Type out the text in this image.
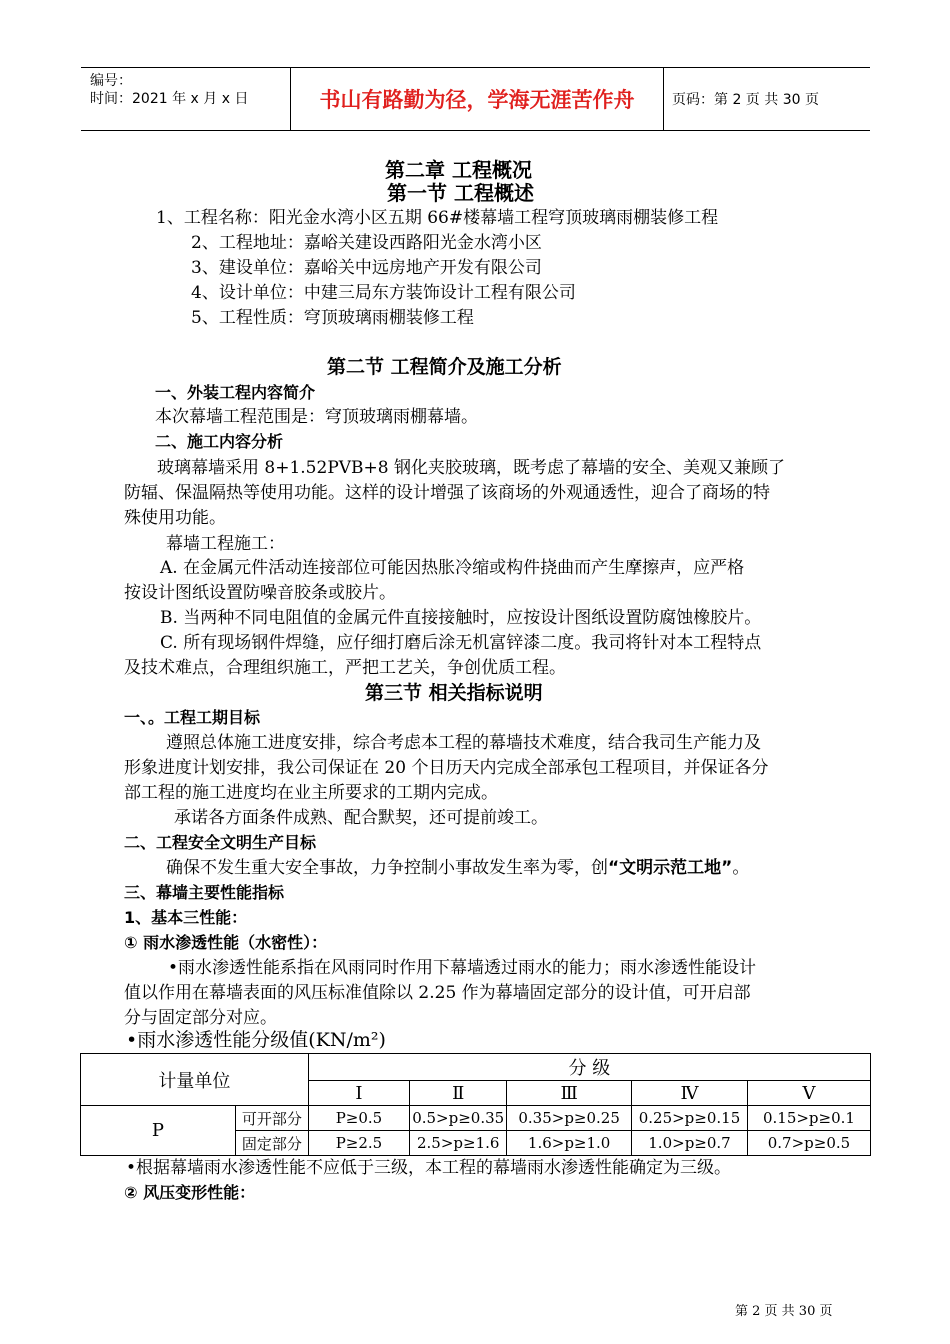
编号：
时间：2021 年 x 月 x 日	书山有路勤为径，学海无涯苦作舟	页码：第 2 页 共 30 页
第二章 工程概况
第一节 工程概述
1、工程名称：阳光金水湾小区五期 66#楼幕墙工程穹顶玻璃雨棚装修工程
2、工程地址：嘉峪关建设西路阳光金水湾小区
3、建设单位：嘉峪关中远房地产开发有限公司
4、设计单位：中建三局东方装饰设计工程有限公司
5、工程性质：穹顶玻璃雨棚装修工程
第二节 工程简介及施工分析
一、外装工程内容简介
本次幕墙工程范围是：穹顶玻璃雨棚幕墙。
二、施工内容分析
玻璃幕墙采用 8+1.52PVB+8 钢化夹胶玻璃，既考虑了幕墙的安全、美观又兼顾了
防辐、保温隔热等使用功能。这样的设计增强了该商场的外观通透性，迎合了商场的特
殊使用功能。
幕墙工程施工：
A. 在金属元件活动连接部位可能因热胀冷缩或构件挠曲而产生摩擦声，应严格
按设计图纸设置防噪音胶条或胶片。
B. 当两种不同电阻值的金属元件直接接触时，应按设计图纸设置防腐蚀橡胶片。
C. 所有现场钢件焊缝，应仔细打磨后涂无机富锌漆二度。我司将针对本工程特点
及技术难点，合理组织施工，严把工艺关，争创优质工程。
第三节 相关指标说明
一、。工程工期目标
遵照总体施工进度安排，综合考虑本工程的幕墙技术难度，结合我司生产能力及
形象进度计划安排，我公司保证在 20 个日历天内完成全部承包工程项目，并保证各分
部工程的施工进度均在业主所要求的工期内完成。
承诺各方面条件成熟、配合默契，还可提前竣工。
二、工程安全文明生产目标
确保不发生重大安全事故，力争控制小事故发生率为零，创“文明示范工地”。
三、幕墙主要性能指标
1、基本三性能：
① 雨水渗透性能（水密性）：
•雨水渗透性能系指在风雨同时作用下幕墙透过雨水的能力；雨水渗透性能设计
值以作用在幕墙表面的风压标准值除以 2.25 作为幕墙固定部分的设计值，可开启部
分与固定部分对应。
•雨水渗透性能分级值(KN/m²)
计量单位		分 级				
		Ⅰ	Ⅱ	Ⅲ	Ⅳ	Ⅴ
P	可开部分	P≥0.5	0.5>p≥0.35	0.35>p≥0.25	0.25>p≥0.15	0.15>p≥0.1
	固定部分	P≥2.5	2.5>p≥1.6	1.6>p≥1.0	1.0>p≥0.7	0.7>p≥0.5
•根据幕墙雨水渗透性能不应低于三级，本工程的幕墙雨水渗透性能确定为三级。
② 风压变形性能：
第 2 页 共 30 页
